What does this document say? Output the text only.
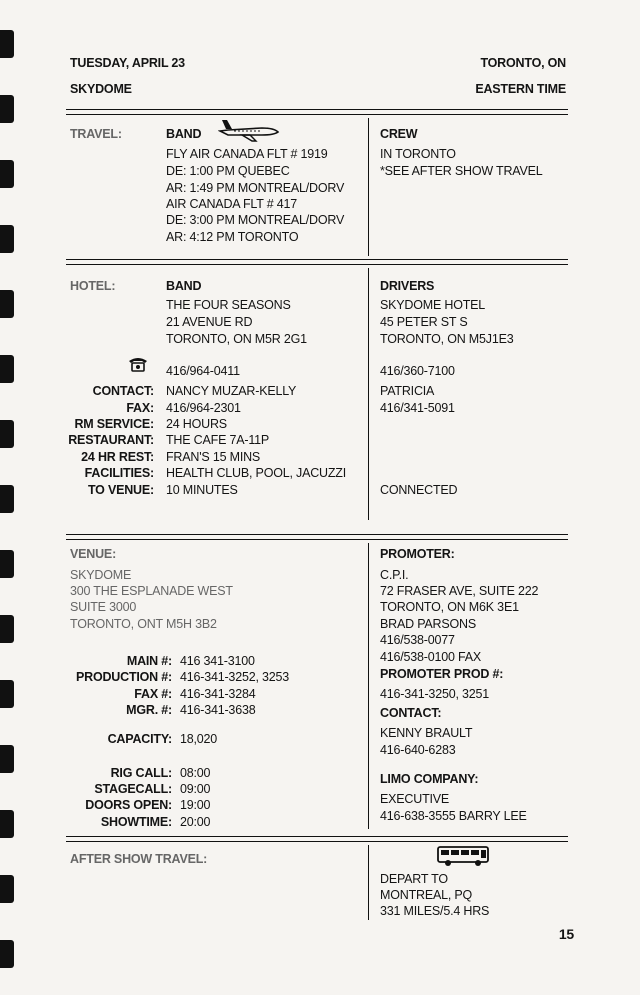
TUESDAY, APRIL 23	TORONTO, ON
SKYDOME	EASTERN TIME
TRAVEL:	BAND
FLY AIR CANADA FLT # 1919
DE: 1:00 PM QUEBEC
AR: 1:49 PM MONTREAL/DORV
AIR CANADA FLT # 417
DE: 3:00 PM MONTREAL/DORV
AR: 4:12 PM TORONTO
CREW
IN TORONTO
*SEE AFTER SHOW TRAVEL
HOTEL:	BAND
THE FOUR SEASONS
21 AVENUE RD
TORONTO, ON M5R 2G1
416/964-0411
CONTACT: NANCY MUZAR-KELLY
FAX: 416/964-2301
RM SERVICE: 24 HOURS
RESTAURANT: THE CAFE 7A-11P
24 HR REST: FRAN'S 15 MINS
FACILITIES: HEALTH CLUB, POOL, JACUZZI
TO VENUE: 10 MINUTES
DRIVERS
SKYDOME HOTEL
45 PETER ST S
TORONTO, ON M5J1E3
416/360-7100
PATRICIA
416/341-5091
CONNECTED
VENUE:
SKYDOME
300 THE ESPLANADE WEST
SUITE 3000
TORONTO, ONT M5H 3B2
MAIN #: 416 341-3100
PRODUCTION #: 416-341-3252, 3253
FAX #: 416-341-3284
MGR. #: 416-341-3638
CAPACITY: 18,020
RIG CALL: 08:00
STAGECALL: 09:00
DOORS OPEN: 19:00
SHOWTIME: 20:00
PROMOTER:
C.P.I.
72 FRASER AVE, SUITE 222
TORONTO, ON M6K 3E1
BRAD PARSONS
416/538-0077
416/538-0100 FAX
PROMOTER PROD #:
416-341-3250, 3251
CONTACT:
KENNY BRAULT
416-640-6283
LIMO COMPANY:
EXECUTIVE
416-638-3555 BARRY LEE
AFTER SHOW TRAVEL:
DEPART TO
MONTREAL, PQ
331 MILES/5.4 HRS
15
